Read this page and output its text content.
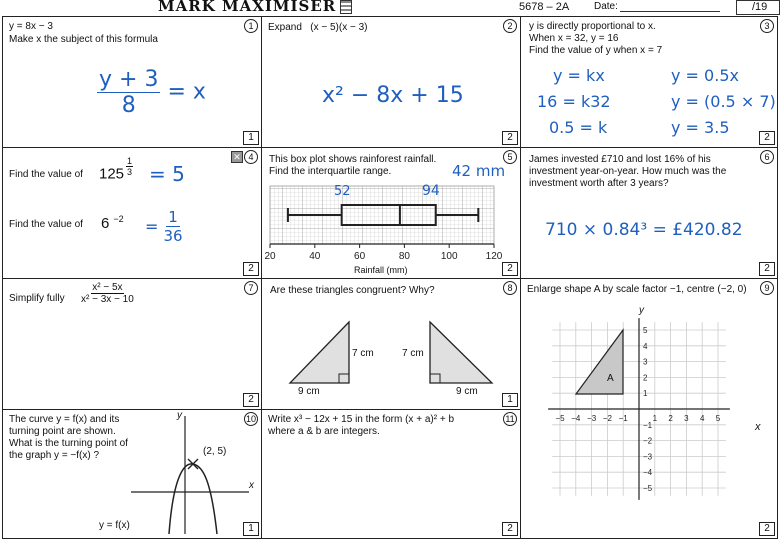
MARK MAXIMISER	5678 – 2A Date:	/19
1
y = 8x − 3
Make x the subject of this formula
$\frac{y + 3}{8} = x$
1
2
Expand (x − 5)(x − 3)
x² − 8x + 15
2
3
y is directly proportional to x.
When x = 32, y = 16
Find the value of y when x = 7
y = kx
16 = k32
0.5 = k
y = 0.5x
y = (0.5 × 7)
y = 3.5
2
4
✕
Find the value of $125 \frac{1}{3} = 5$
Find the value of 6 $^{-2} = \frac{1}{36}$
2
5
This box plot shows rainforest rainfall.
Find the interquartile range.	42 mm
20	40	60	80	100	120
52	94
Rainfall (mm)	2
6
James invested £710 and lost 16% of his
investment year-on-year. How much was the
investment worth after 3 years?
710 × 0.84³ = £420.82
2
7
Simplify fully $\frac{\text{x² − 5x}}{\text{x² − 3x − 10}}$
2
8
Are these triangles congruent? Why?
7 cm
9 cm
7 cm
9 cm
1
9
Enlarge shape A by scale factor −1, centre (−2, 0)
−5 −4 −3 −2 −1	1 2 3 4 5
5
4
3
2
1
−1
−2
−3
−4
−5
A
y
x
2
10
The curve y = f(x) and its
turning point are shown.
What is the turning point of
the graph y = −f(x) ?	(2, 5)
y = f(x)
y
x
1
11
Write x³ − 12x + 15 in the form (x + a)² + b
where a & b are integers.
2
